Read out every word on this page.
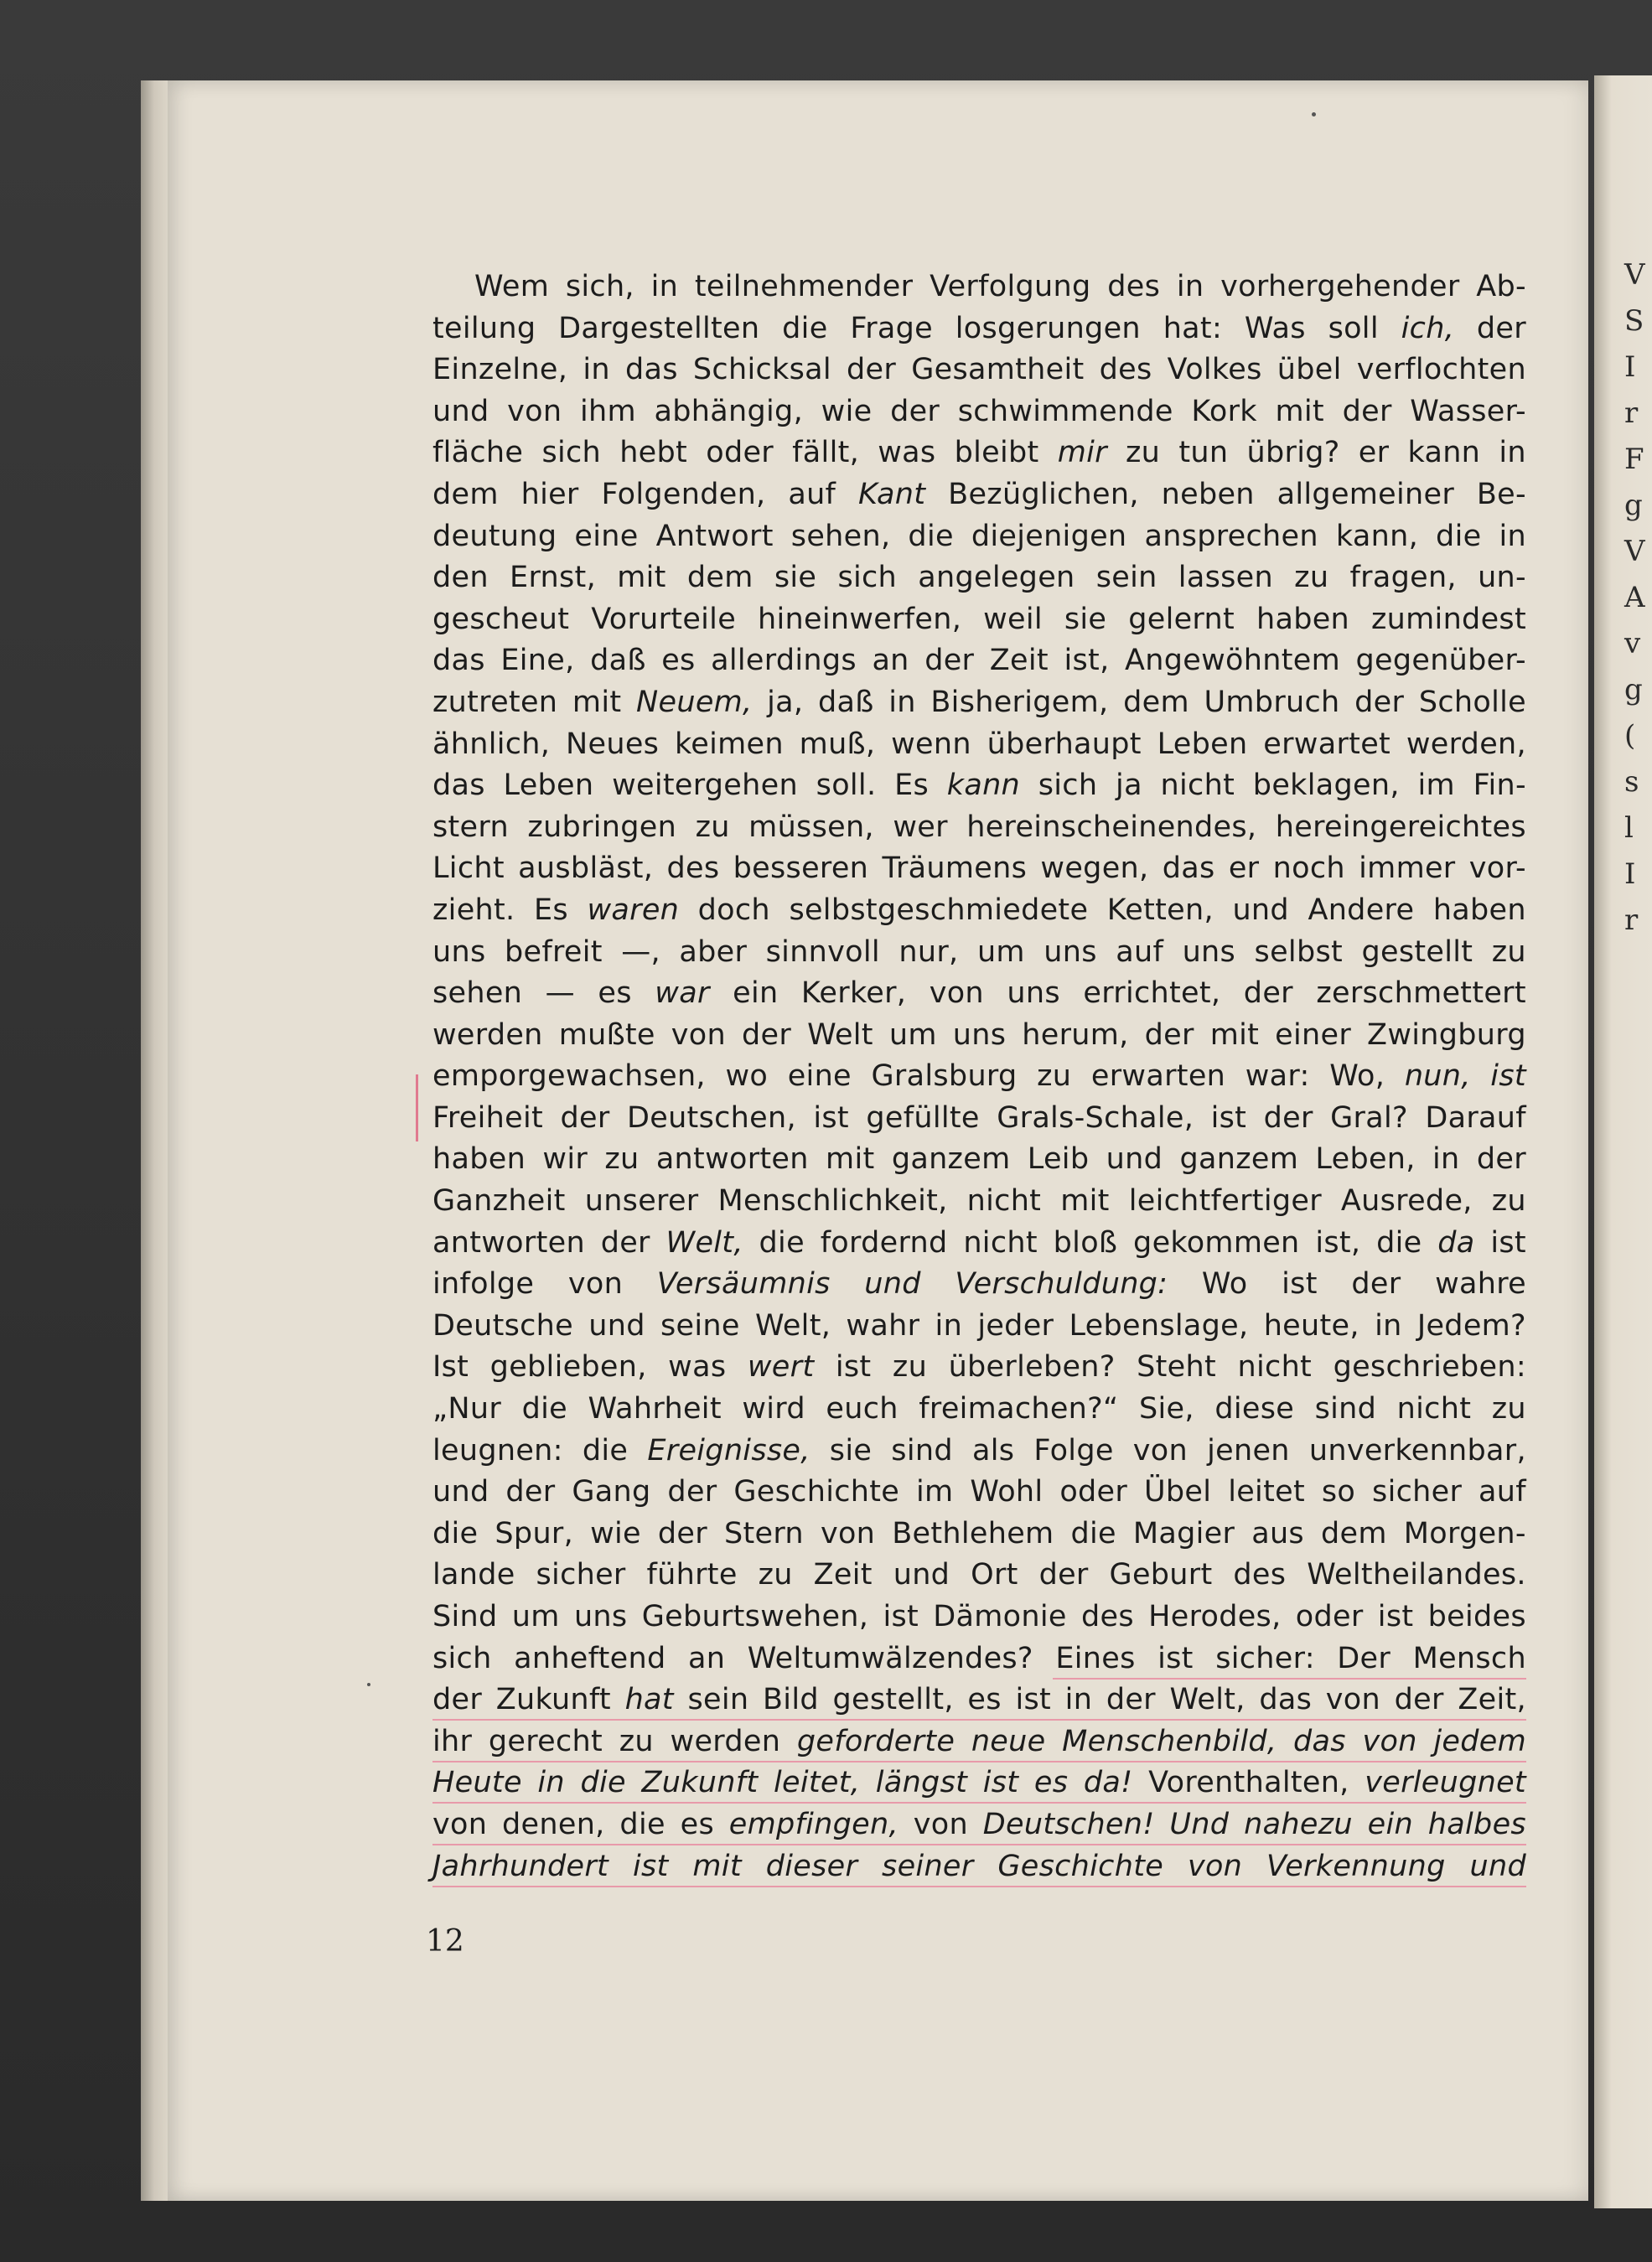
V
S
I
r
F
g
V
A
v
g
(
s
l
I
r
Wem sich, in teilnehmender Verfolgung des in vorhergehender Ab-
teilung Dargestellten die Frage losgerungen hat: Was soll ich, der
Einzelne, in das Schicksal der Gesamtheit des Volkes übel verflochten
und von ihm abhängig, wie der schwimmende Kork mit der Wasser-
fläche sich hebt oder fällt, was bleibt mir zu tun übrig? er kann in
dem hier Folgenden, auf Kant Bezüglichen, neben allgemeiner Be-
deutung eine Antwort sehen, die diejenigen ansprechen kann, die in
den Ernst, mit dem sie sich angelegen sein lassen zu fragen, un-
gescheut Vorurteile hineinwerfen, weil sie gelernt haben zumindest
das Eine, daß es allerdings an der Zeit ist, Angewöhntem gegenüber-
zutreten mit Neuem, ja, daß in Bisherigem, dem Umbruch der Scholle
ähnlich, Neues keimen muß, wenn überhaupt Leben erwartet werden,
das Leben weitergehen soll. Es kann sich ja nicht beklagen, im Fin-
stern zubringen zu müssen, wer hereinscheinendes, hereingereichtes
Licht ausbläst, des besseren Träumens wegen, das er noch immer vor-
zieht. Es waren doch selbstgeschmiedete Ketten, und Andere haben
uns befreit —, aber sinnvoll nur, um uns auf uns selbst gestellt zu
sehen — es war ein Kerker, von uns errichtet, der zerschmettert
werden mußte von der Welt um uns herum, der mit einer Zwingburg
emporgewachsen, wo eine Gralsburg zu erwarten war: Wo, nun, ist
Freiheit der Deutschen, ist gefüllte Grals-Schale, ist der Gral? Darauf
haben wir zu antworten mit ganzem Leib und ganzem Leben, in der
Ganzheit unserer Menschlichkeit, nicht mit leichtfertiger Ausrede, zu
antworten der Welt, die fordernd nicht bloß gekommen ist, die da ist
infolge von Versäumnis und Verschuldung: Wo ist der wahre
Deutsche und seine Welt, wahr in jeder Lebenslage, heute, in Jedem?
Ist geblieben, was wert ist zu überleben? Steht nicht geschrieben:
„Nur die Wahrheit wird euch freimachen?“ Sie, diese sind nicht zu
leugnen: die Ereignisse, sie sind als Folge von jenen unverkennbar,
und der Gang der Geschichte im Wohl oder Übel leitet so sicher auf
die Spur, wie der Stern von Bethlehem die Magier aus dem Morgen-
lande sicher führte zu Zeit und Ort der Geburt des Weltheilandes.
Sind um uns Geburtswehen, ist Dämonie des Herodes, oder ist beides
sich anheftend an Weltumwälzendes? Eines ist sicher: Der Mensch
der Zukunft hat sein Bild gestellt, es ist in der Welt, das von der Zeit,
ihr gerecht zu werden geforderte neue Menschenbild, das von jedem
Heute in die Zukunft leitet, längst ist es da! Vorenthalten, verleugnet
von denen, die es empfingen, von Deutschen! Und nahezu ein halbes
Jahrhundert ist mit dieser seiner Geschichte von Verkennung und
12
